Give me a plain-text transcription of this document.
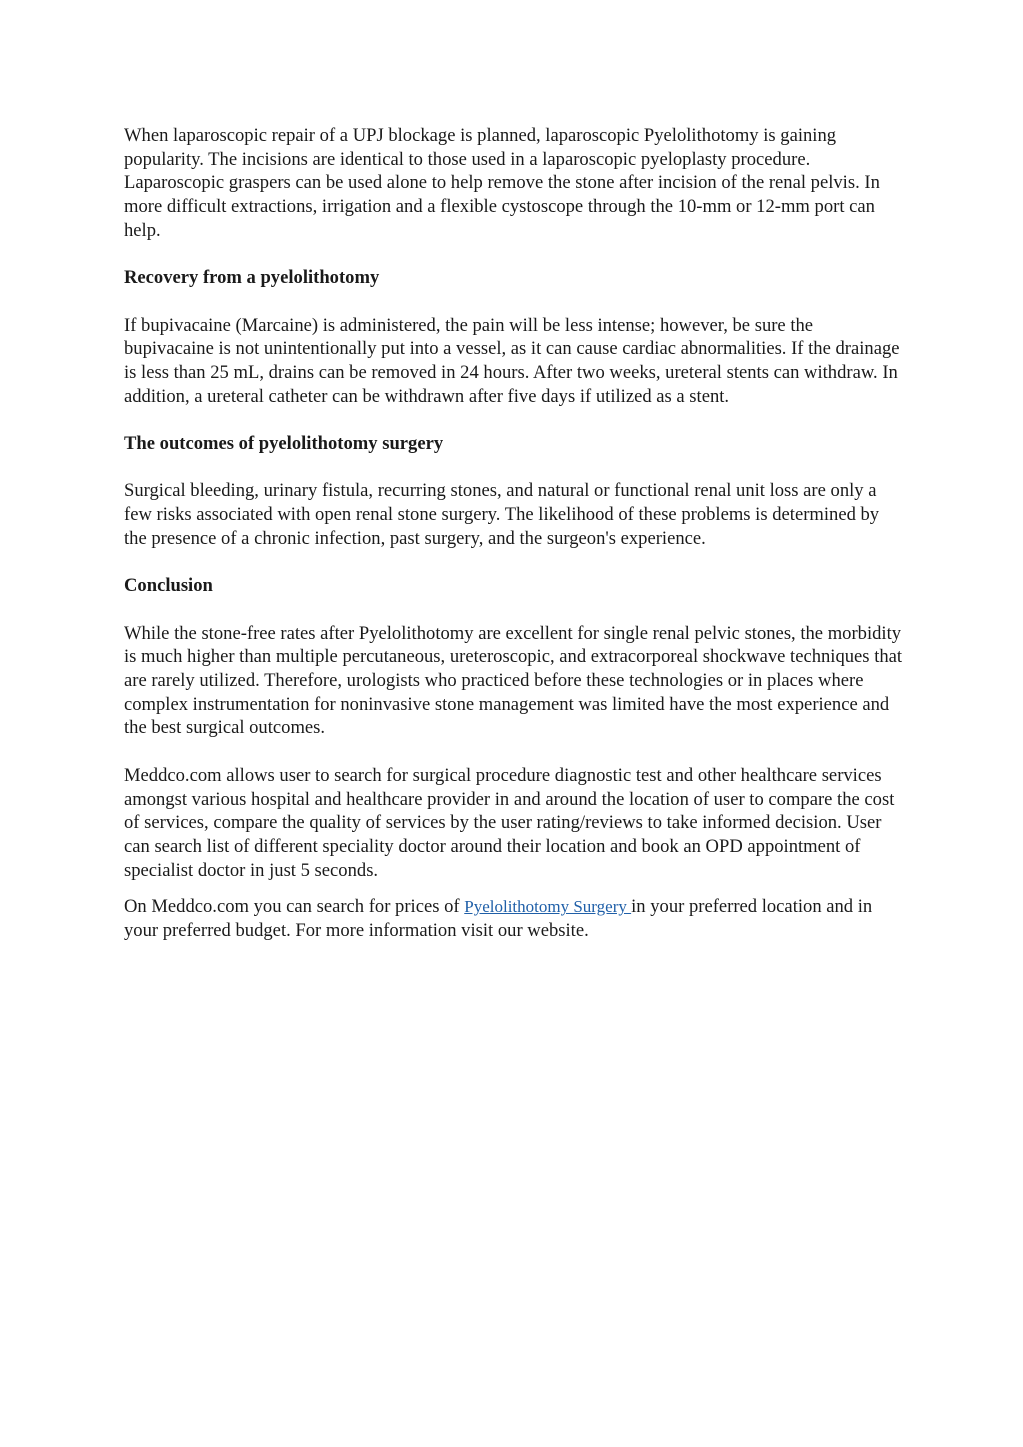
When laparoscopic repair of a UPJ blockage is planned, laparoscopic Pyelolithotomy is gaining popularity. The incisions are identical to those used in a laparoscopic pyeloplasty procedure. Laparoscopic graspers can be used alone to help remove the stone after incision of the renal pelvis. In more difficult extractions, irrigation and a flexible cystoscope through the 10-mm or 12-mm port can help.

Recovery from a pyelolithotomy

If bupivacaine (Marcaine) is administered, the pain will be less intense; however, be sure the bupivacaine is not unintentionally put into a vessel, as it can cause cardiac abnormalities. If the drainage is less than 25 mL, drains can be removed in 24 hours. After two weeks, ureteral stents can withdraw. In addition, a ureteral catheter can be withdrawn after five days if utilized as a stent.

The outcomes of pyelolithotomy surgery

Surgical bleeding, urinary fistula, recurring stones, and natural or functional renal unit loss are only a few risks associated with open renal stone surgery. The likelihood of these problems is determined by the presence of a chronic infection, past surgery, and the surgeon's experience.

Conclusion

While the stone-free rates after Pyelolithotomy are excellent for single renal pelvic stones, the morbidity is much higher than multiple percutaneous, ureteroscopic, and extracorporeal shockwave techniques that are rarely utilized. Therefore, urologists who practiced before these technologies or in places where complex instrumentation for noninvasive stone management was limited have the most experience and the best surgical outcomes.

Meddco.com allows user to search for surgical procedure diagnostic test and other healthcare services amongst various hospital and healthcare provider in and around the location of user to compare the cost of services, compare the quality of services by the user rating/reviews to take informed decision. User can search list of different speciality doctor around their location and book an OPD appointment of specialist doctor in just 5 seconds.

On Meddco.com you can search for prices of Pyelolithotomy Surgery in your preferred location and in your preferred budget. For more information visit our website.
